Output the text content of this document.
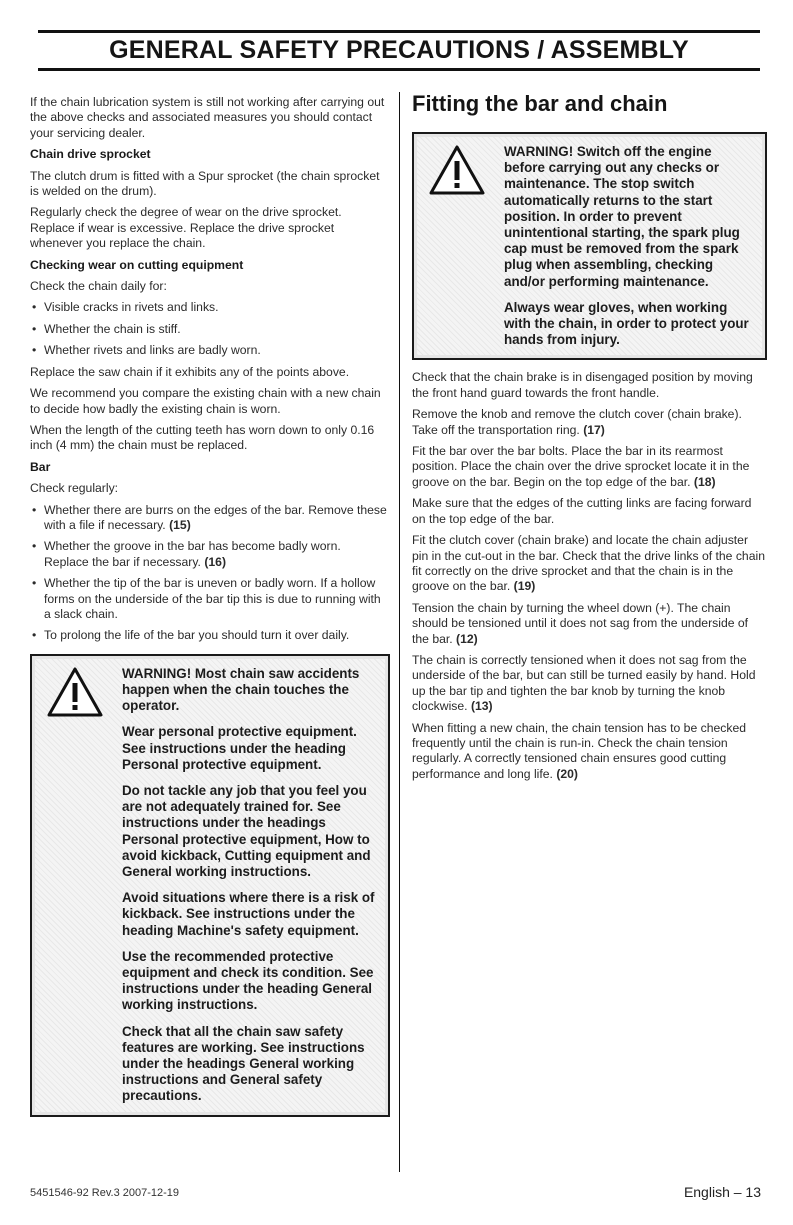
GENERAL SAFETY PRECAUTIONS / ASSEMBLY

If the chain lubrication system is still not working after carrying out the above checks and associated measures you should contact your servicing dealer.

Chain drive sprocket

The clutch drum is fitted with a Spur sprocket (the chain sprocket is welded on the drum).

Regularly check the degree of wear on the drive sprocket. Replace if wear is excessive. Replace the drive sprocket whenever you replace the chain.

Checking wear on cutting equipment

Check the chain daily for:

• Visible cracks in rivets and links.
• Whether the chain is stiff.
• Whether rivets and links are badly worn.

Replace the saw chain if it exhibits any of the points above.

We recommend you compare the existing chain with a new chain to decide how badly the existing chain is worn.

When the length of the cutting teeth has worn down to only 0.16 inch (4 mm) the chain must be replaced.

Bar

Check regularly:

• Whether there are burrs on the edges of the bar. Remove these with a file if necessary. (15)
• Whether the groove in the bar has become badly worn. Replace the bar if necessary. (16)
• Whether the tip of the bar is uneven or badly worn. If a hollow forms on the underside of the bar tip this is due to running with a slack chain.
• To prolong the life of the bar you should turn it over daily.

WARNING! Most chain saw accidents happen when the chain touches the operator.

Wear personal protective equipment. See instructions under the heading Personal protective equipment.

Do not tackle any job that you feel you are not adequately trained for. See instructions under the headings Personal protective equipment, How to avoid kickback, Cutting equipment and General working instructions.

Avoid situations where there is a risk of kickback. See instructions under the heading Machine's safety equipment.

Use the recommended protective equipment and check its condition. See instructions under the heading General working instructions.

Check that all the chain saw safety features are working. See instructions under the headings General working instructions and General safety precautions.

Fitting the bar and chain

WARNING! Switch off the engine before carrying out any checks or maintenance. The stop switch automatically returns to the start position. In order to prevent unintentional starting, the spark plug cap must be removed from the spark plug when assembling, checking and/or performing maintenance.

Always wear gloves, when working with the chain, in order to protect your hands from injury.

Check that the chain brake is in disengaged position by moving the front hand guard towards the front handle.

Remove the knob and remove the clutch cover (chain brake). Take off the transportation ring. (17)

Fit the bar over the bar bolts. Place the bar in its rearmost position. Place the chain over the drive sprocket locate it in the groove on the bar. Begin on the top edge of the bar. (18)

Make sure that the edges of the cutting links are facing forward on the top edge of the bar.

Fit the clutch cover (chain brake) and locate the chain adjuster pin in the cut-out in the bar. Check that the drive links of the chain fit correctly on the drive sprocket and that the chain is in the groove on the bar. (19)

Tension the chain by turning the wheel down (+). The chain should be tensioned until it does not sag from the underside of the bar. (12)

The chain is correctly tensioned when it does not sag from the underside of the bar, but can still be turned easily by hand. Hold up the bar tip and tighten the bar knob by turning the knob clockwise. (13)

When fitting a new chain, the chain tension has to be checked frequently until the chain is run-in. Check the chain tension regularly. A correctly tensioned chain ensures good cutting performance and long life. (20)

5451546-92 Rev.3 2007-12-19	English – 13
